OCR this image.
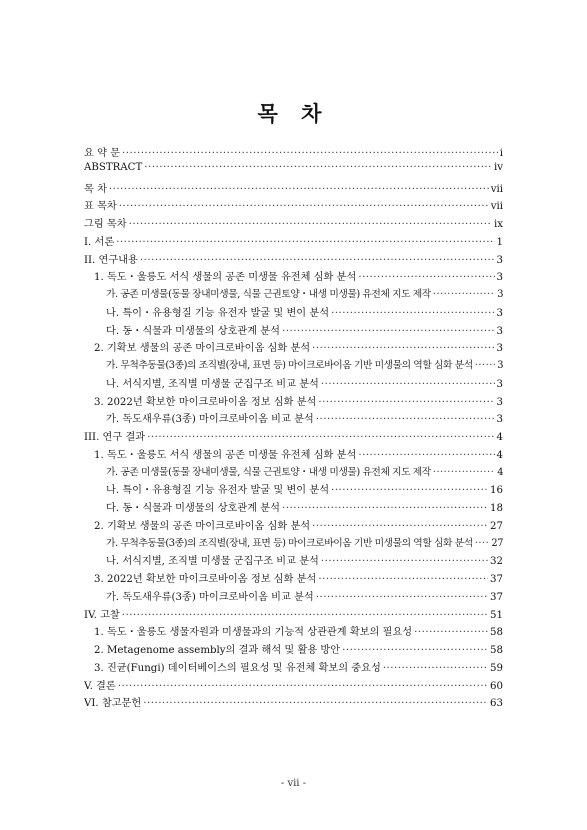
목 차
요 약 문 ·····	i
ABSTRACT ·····	iv
목 차 ·····	vii
표 목차 ·····	vii
그림 목차 ·····	ix
I. 서론 ·····	1
II. 연구내용 ·····	3
1. 독도・울릉도 서식 생물의 공존 미생물 유전체 심화 분석 ·····	3
가. 공존 미생물(동물 장내미생물, 식물 근권토양・내생 미생물) 유전체 지도 제작 ·····	3
나. 특이・유용형질 기능 유전자 발굴 및 변이 분석 ·····	3
다. 동・식물과 미생물의 상호관계 분석 ·····	3
2. 기확보 생물의 공존 마이크로바이옴 심화 분석 ·····	3
가. 무척추동물(3종)의 조직별(장내, 표면 등) 마이크로바이옴 기반 미생물의 역할 심화 분석 ····· 3
나. 서식지별, 조직별 미생물 군집구조 비교 분석 ·····	3
3. 2022년 확보한 마이크로바이옴 정보 심화 분석 ·····	3
가. 독도새우류(3종) 마이크로바이옴 비교 분석 ·····	3
III. 연구 결과 ·····	4
1. 독도・울릉도 서식 생물의 공존 미생물 유전체 심화 분석 ·····	4
가. 공존 미생물(동물 장내미생물, 식물 근권토양・내생 미생물) 유전체 지도 제작 ·····	4
나. 특이・유용형질 기능 유전자 발굴 및 변이 분석 ·····	16
다. 동・식물과 미생물의 상호관계 분석 ·····	18
2. 기확보 생물의 공존 마이크로바이옴 심화 분석 ·····	27
가. 무척추동물(3종)의 조직별(장내, 표면 등) 마이크로바이옴 기반 미생물의 역할 심화 분석 ····· 27
나. 서식지별, 조직별 미생물 군집구조 비교 분석 ·····	32
3. 2022년 확보한 마이크로바이옴 정보 심화 분석 ·····	37
가. 독도새우류(3종) 마이크로바이옴 비교 분석 ·····	37
IV. 고찰 ·····	51
1. 독도・울릉도 생물자원과 미생물과의 기능적 상관관계 확보의 필요성 ·····	58
2. Metagenome assembly의 결과 해석 및 활용 방안 ·····	58
3. 진균(Fungi) 데이터베이스의 필요성 및 유전체 확보의 중요성 ·····	59
V. 결론 ·····	60
VI. 참고문헌 ·····	63
- vii -
